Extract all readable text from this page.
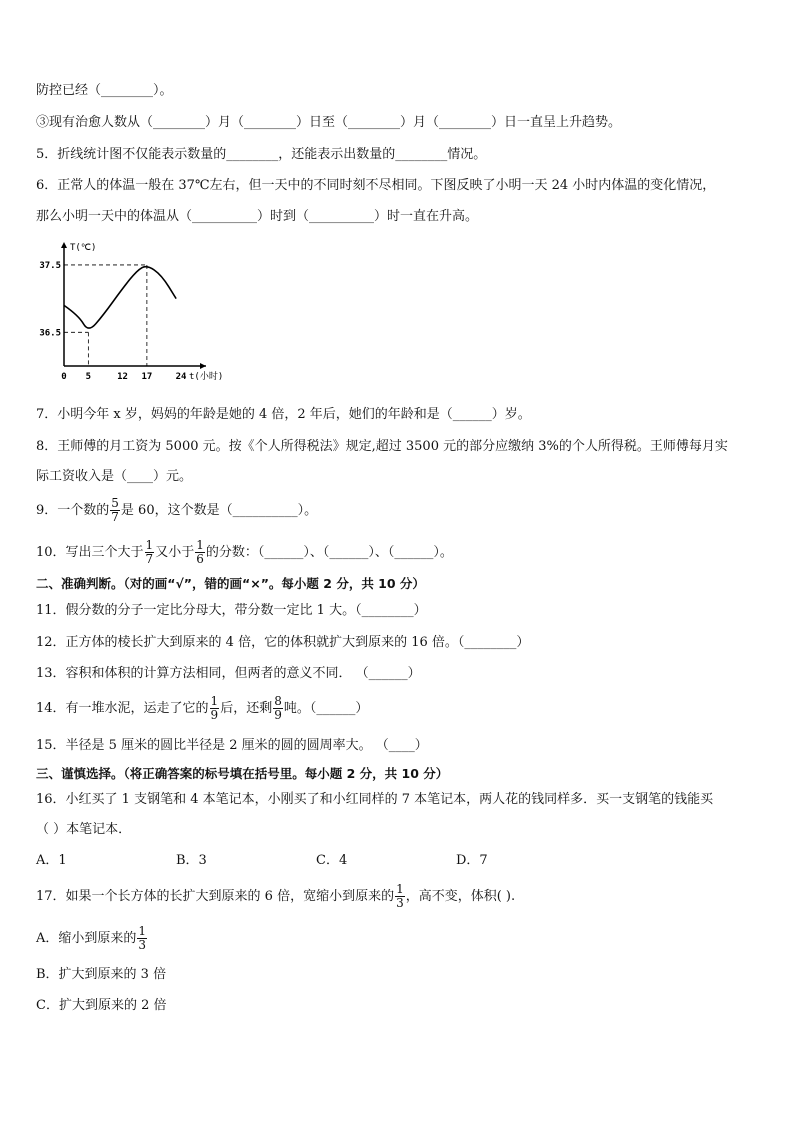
防控已经（________）。
③现有治愈人数从（________）月（________）日至（________）月（________）日一直呈上升趋势。
5．折线统计图不仅能表示数量的________，还能表示出数量的________情况。
6．正常人的体温一般在 37℃左右，但一天中的不同时刻不尽相同。下图反映了小明一天 24 小时内体温的变化情况，
那么小明一天中的体温从（__________）时到（__________）时一直在升高。
T(℃)
t(小时)
0 5	12 17	24
36.5
37.5
7．小明今年 x 岁，妈妈的年龄是她的 4 倍，2 年后，她们的年龄和是（______）岁。
8．王师傅的月工资为 5000 元。按《个人所得税法》规定,超过 3500 元的部分应缴纳 3%的个人所得税。王师傅每月实
际工资收入是（____）元。
9．一个数的 $\frac{5}{7}$ 是 60，这个数是（__________）。
10．写出三个大于 $\frac{1}{7}$ 又小于 $\frac{1}{6}$ 的分数：（______）、（______）、（______）。
二、准确判断。（对的画“√”，错的画“×”。每小题 2 分，共 10 分）
11．假分数的分子一定比分母大，带分数一定比 1 大。（________）
12．正方体的棱长扩大到原来的 4 倍，它的体积就扩大到原来的 16 倍。（________）
13．容积和体积的计算方法相同，但两者的意义不同． （______）
14．有一堆水泥，运走了它的 $\frac{1}{9}$ 后，还剩 $\frac{8}{9}$ 吨。（______）
15．半径是 5 厘米的圆比半径是 2 厘米的圆的圆周率大。 （____）
三、谨慎选择。（将正确答案的标号填在括号里。每小题 2 分，共 10 分）
16．小红买了 1 支钢笔和 4 本笔记本，小刚买了和小红同样的 7 本笔记本，两人花的钱同样多．买一支钢笔的钱能买
（ ）本笔记本．
A．1	B．3	C．4	D．7
17．如果一个长方体的长扩大到原来的 6 倍，宽缩小到原来的 $\frac{1}{3}$ ，高不变，体积( ).
A．缩小到原来的 $\frac{1}{3}$
B．扩大到原来的 3 倍
C．扩大到原来的 2 倍
